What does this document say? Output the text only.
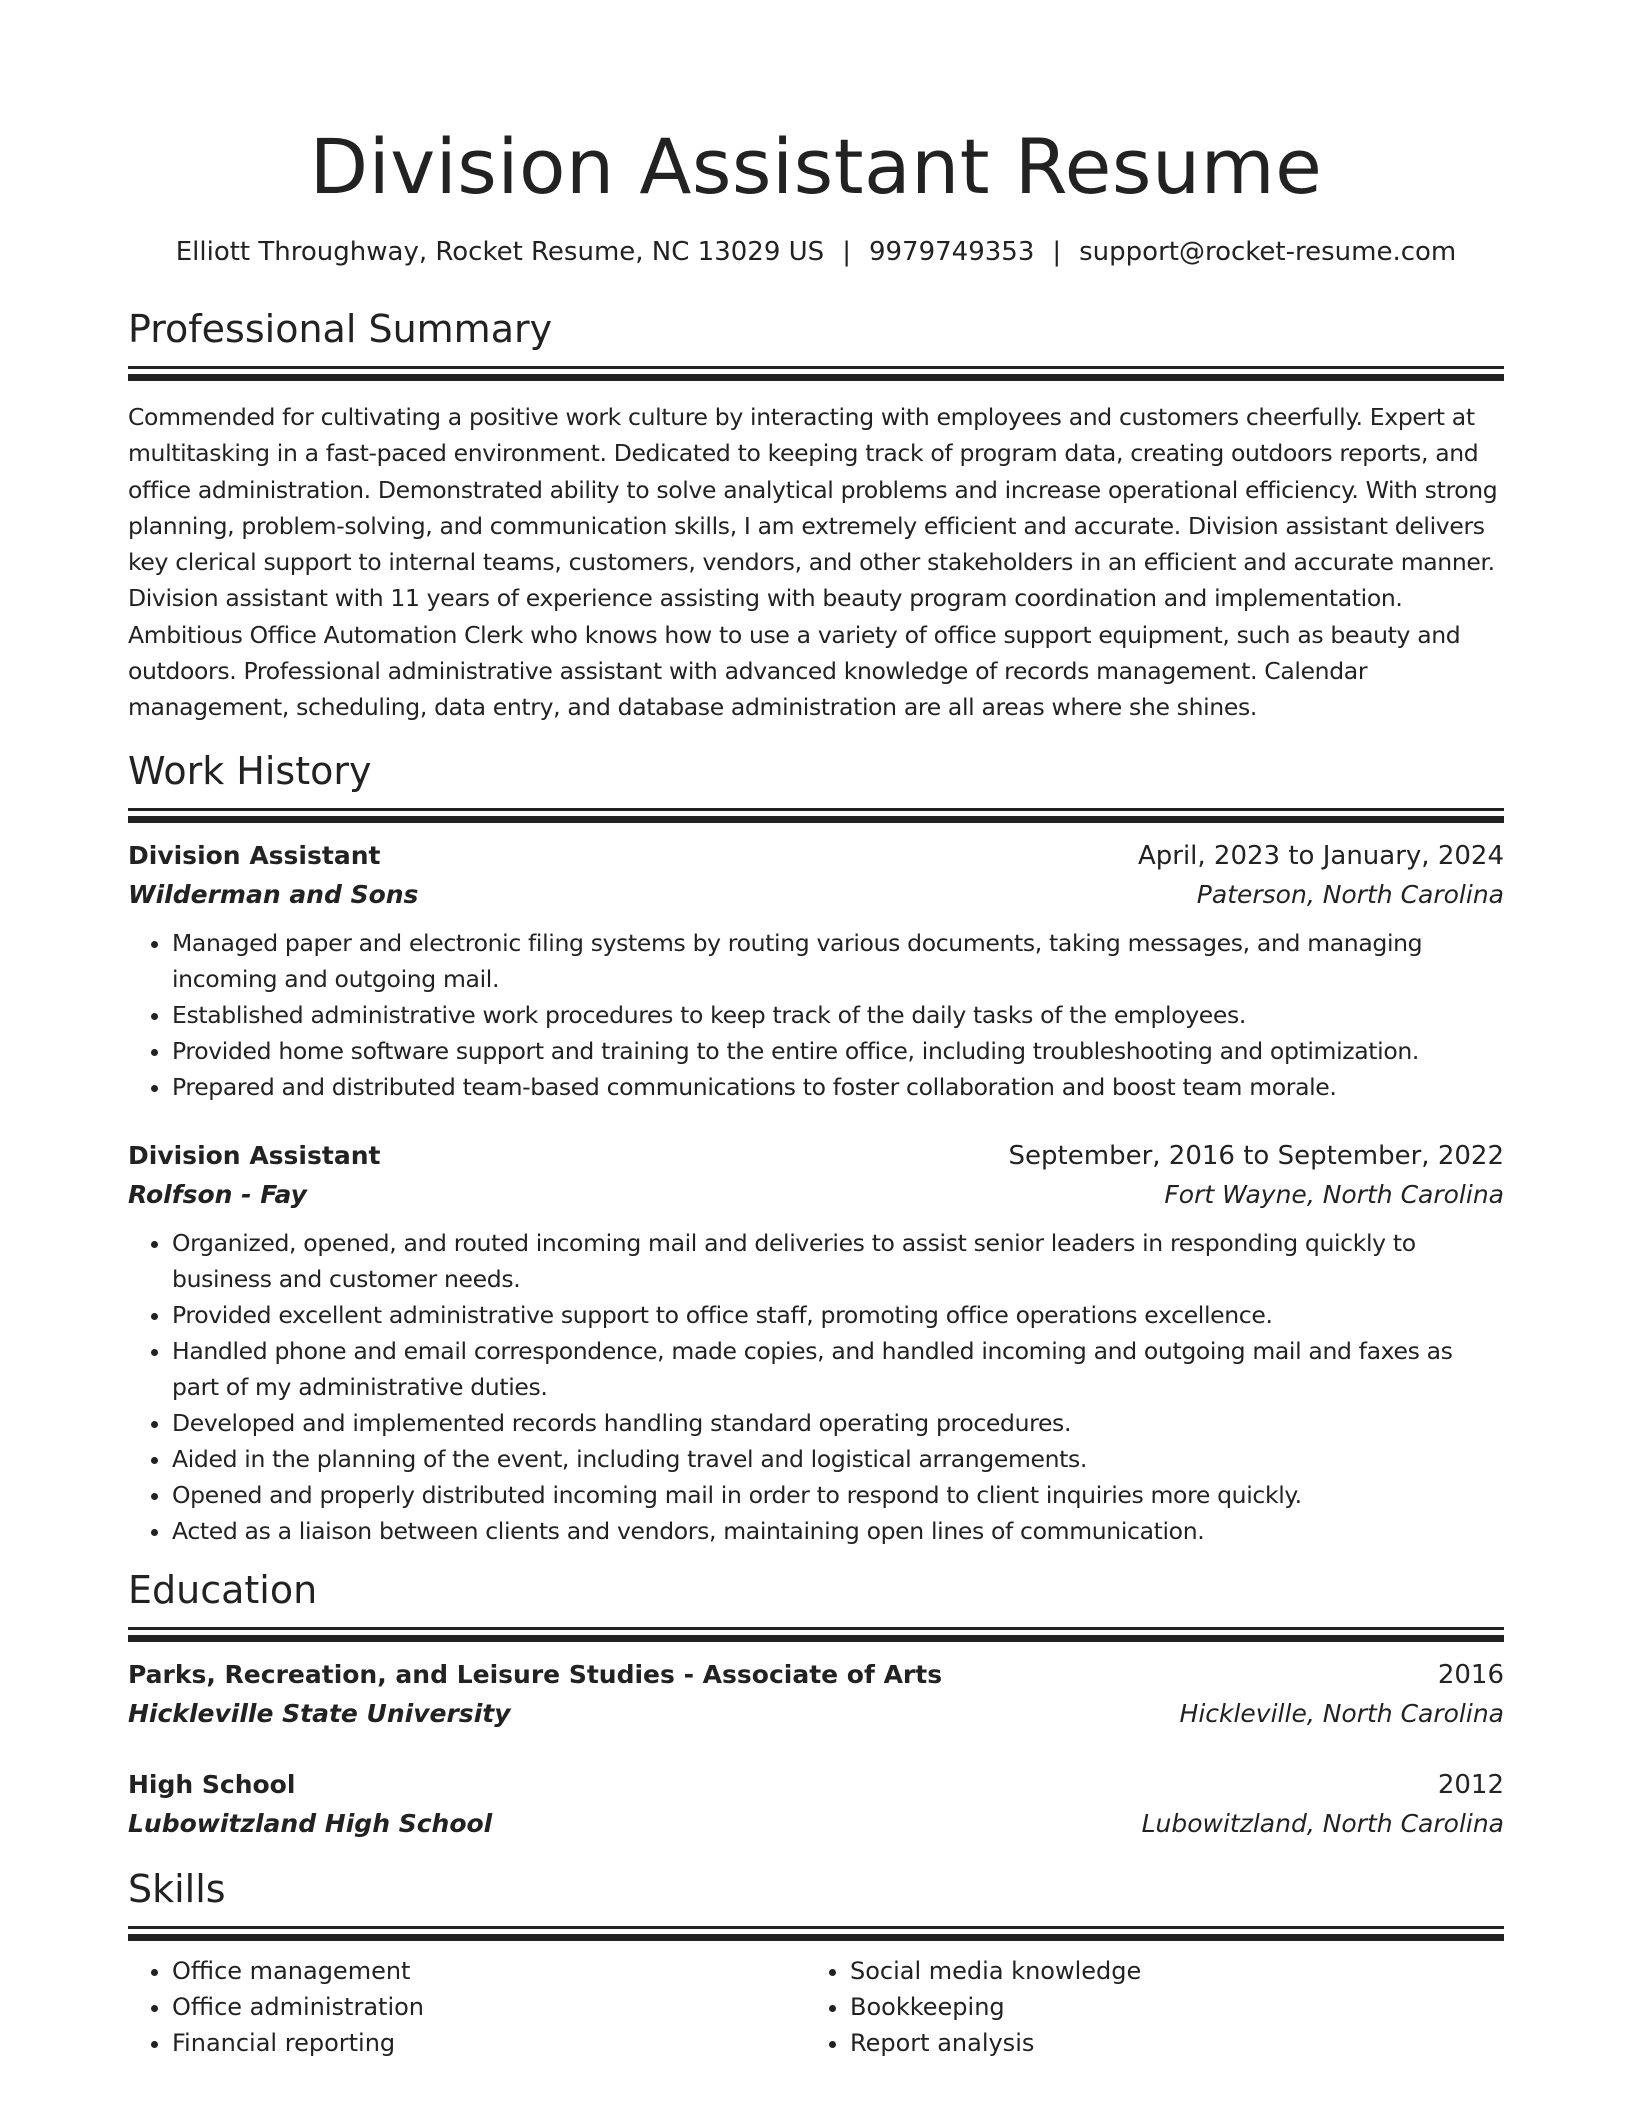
Division Assistant Resume
Elliott Throughway, Rocket Resume, NC 13029 US | 9979749353 | support@rocket-resume.com
Professional Summary

Commended for cultivating a positive work culture by interacting with employees and customers cheerfully. Expert at multitasking in a fast-paced environment. Dedicated to keeping track of program data, creating outdoors reports, and office administration. Demonstrated ability to solve analytical problems and increase operational efficiency. With strong planning, problem-solving, and communication skills, I am extremely efficient and accurate. Division assistant delivers key clerical support to internal teams, customers, vendors, and other stakeholders in an efficient and accurate manner. Division assistant with 11 years of experience assisting with beauty program coordination and implementation. Ambitious Office Automation Clerk who knows how to use a variety of office support equipment, such as beauty and outdoors. Professional administrative assistant with advanced knowledge of records management. Calendar management, scheduling, data entry, and database administration are all areas where she shines.

Work History
Division Assistant	April, 2023 to January, 2024
Wilderman and Sons	Paterson, North Carolina
• Managed paper and electronic filing systems by routing various documents, taking messages, and managing incoming and outgoing mail.
• Established administrative work procedures to keep track of the daily tasks of the employees.
• Provided home software support and training to the entire office, including troubleshooting and optimization.
• Prepared and distributed team-based communications to foster collaboration and boost team morale.
Division Assistant	September, 2016 to September, 2022
Rolfson - Fay	Fort Wayne, North Carolina
• Organized, opened, and routed incoming mail and deliveries to assist senior leaders in responding quickly to business and customer needs.
• Provided excellent administrative support to office staff, promoting office operations excellence.
• Handled phone and email correspondence, made copies, and handled incoming and outgoing mail and faxes as part of my administrative duties.
• Developed and implemented records handling standard operating procedures.
• Aided in the planning of the event, including travel and logistical arrangements.
• Opened and properly distributed incoming mail in order to respond to client inquiries more quickly.
• Acted as a liaison between clients and vendors, maintaining open lines of communication.
Education
Parks, Recreation, and Leisure Studies - Associate of Arts	2016
Hickleville State University	Hickleville, North Carolina
High School	2012
Lubowitzland High School	Lubowitzland, North Carolina
Skills
• Office management
• Office administration
• Financial reporting
• Social media knowledge
• Bookkeeping
• Report analysis
